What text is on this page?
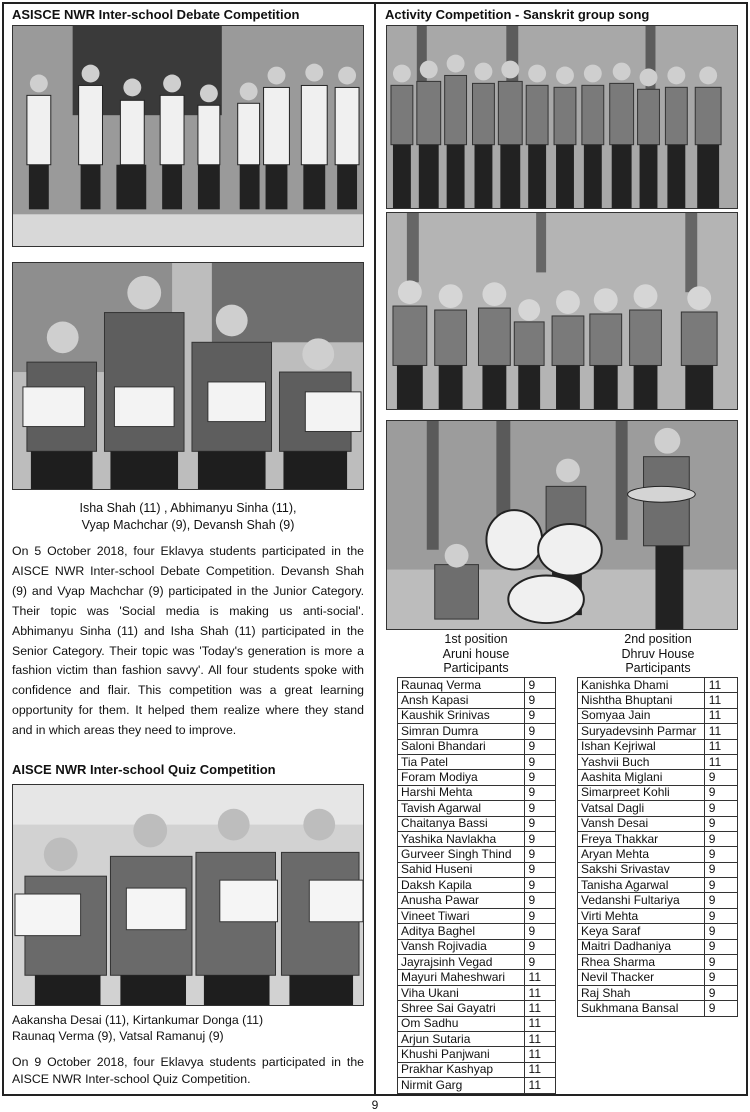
ASISCE NWR Inter-school Debate Competition
Isha Shah (11) , Abhimanyu Sinha (11),
Vyap Machchar (9), Devansh Shah (9)
On 5 October 2018, four Eklavya students participated in the AISCE NWR Inter-school Debate Competition. Devansh Shah (9) and Vyap Machchar (9) participated in the Junior Category. Their topic was 'Social media is making us anti-social'. Abhimanyu Sinha (11) and Isha Shah (11) participated in the Senior Category. Their topic was 'Today's generation is more a fashion victim than fashion savvy'. All four students spoke with confidence and flair. This competition was a great learning opportunity for them. It helped them realize where they stand and in which areas they need to improve.
AISCE NWR Inter-school Quiz Competition
Aakansha Desai (11), Kirtankumar Donga (11)
Raunaq Verma (9), Vatsal Ramanuj (9)
On 9 October 2018, four Eklavya students participated in the AISCE NWR Inter-school Quiz Competition.
Activity Competition - Sanskrit group song
1st position
Aruni house
Participants
Raunaq Verma	9
Ansh Kapasi	9
Kaushik Srinivas	9
Simran Dumra	9
Saloni Bhandari	9
Tia Patel	9
Foram Modiya	9
Harshi Mehta	9
Tavish Agarwal	9
Chaitanya Bassi	9
Yashika Navlakha	9
Gurveer Singh Thind	9
Sahid Huseni	9
Daksh Kapila	9
Anusha Pawar	9
Vineet Tiwari	9
Aditya Baghel	9
Vansh Rojivadia	9
Jayrajsinh Vegad	9
Mayuri Maheshwari	11
Viha Ukani	11
Shree Sai Gayatri	11
Om Sadhu	11
Arjun Sutaria	11
Khushi Panjwani	11
Prakhar Kashyap	11
Nirmit Garg	11
2nd position
Dhruv House
Participants
Kanishka Dhami	11
Nishtha Bhuptani	11
Somyaa Jain	11
Suryadevsinh Parmar	11
Ishan Kejriwal	11
Yashvii Buch	11
Aashita Miglani	9
Simarpreet Kohli	9
Vatsal Dagli	9
Vansh Desai	9
Freya Thakkar	9
Aryan Mehta	9
Sakshi Srivastav	9
Tanisha Agarwal	9
Vedanshi Fultariya	9
Virti Mehta	9
Keya Saraf	9
Maitri Dadhaniya	9
Rhea Sharma	9
Nevil Thacker	9
Raj Shah	9
Sukhmana Bansal	9
9
